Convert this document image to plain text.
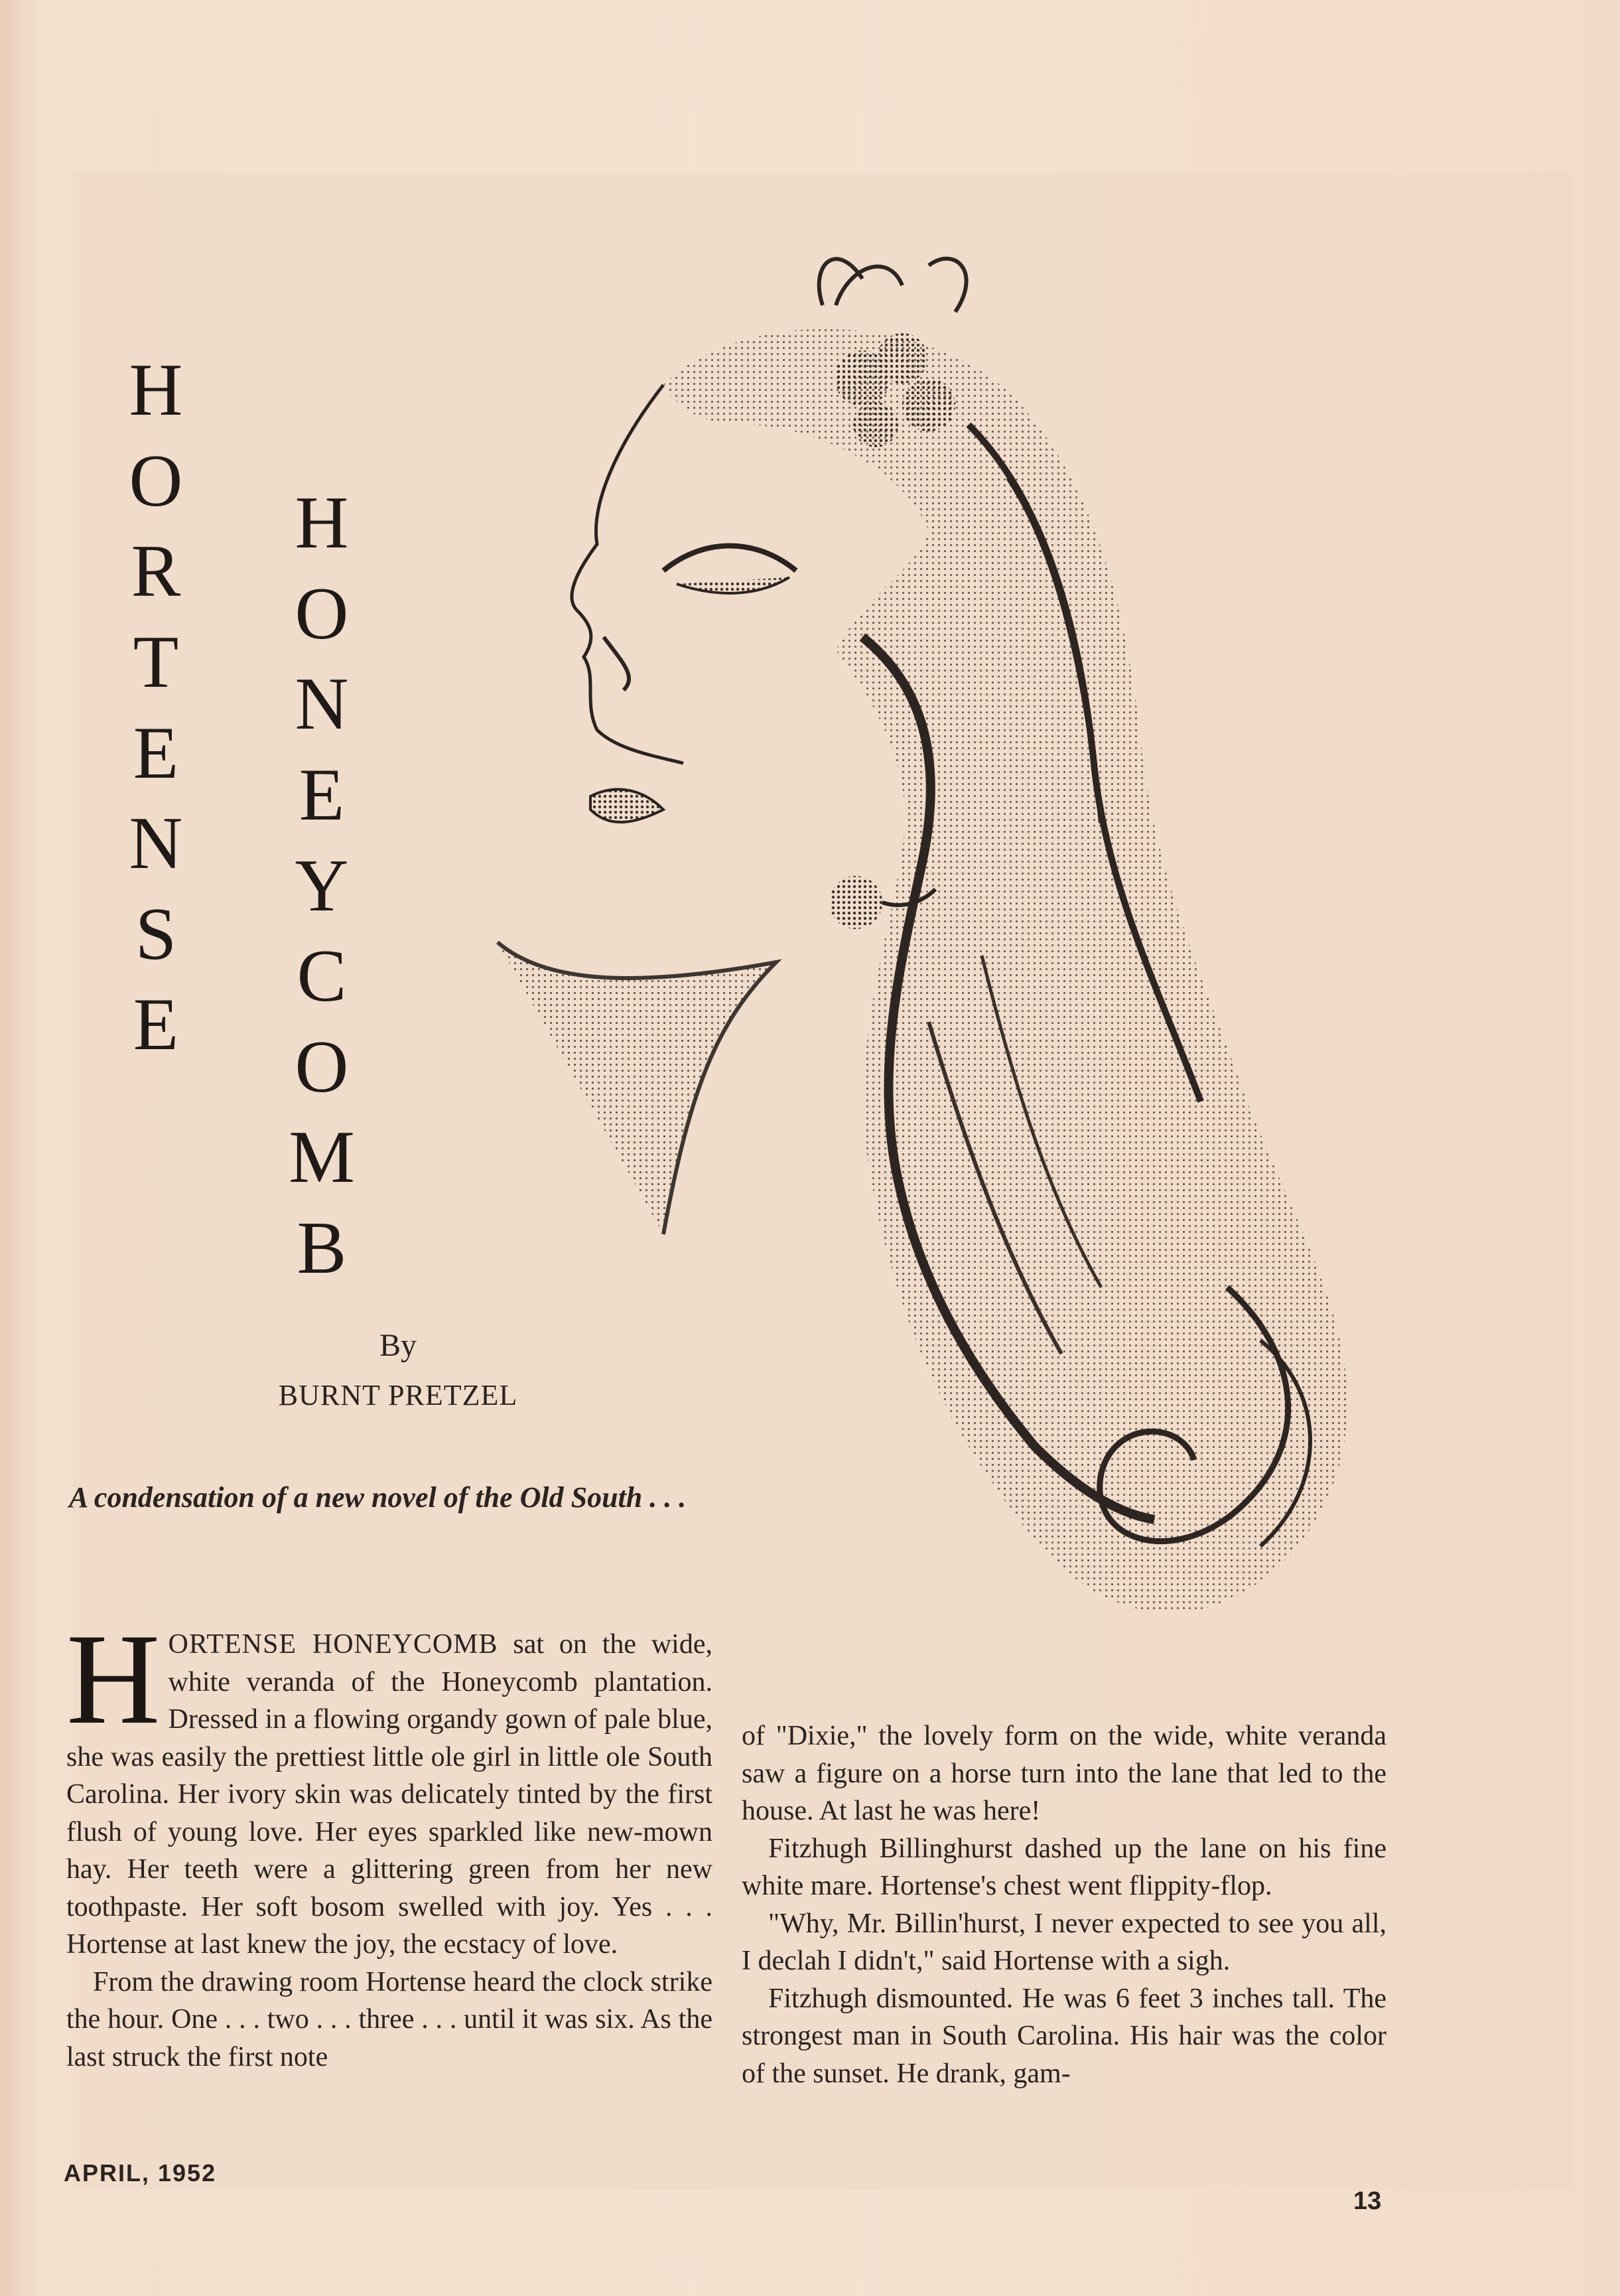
H
O
R
T
E
N
S
E
H
O
N
E
Y
C
O
M
B
By
BURNT PRETZEL
A condensation of a new novel of the Old South . . .

HORTENSE HONEYCOMB sat on the wide, white veranda of the Honeycomb plantation. Dressed in a flowing organdy gown of pale blue, she was easily the prettiest little ole girl in little ole South Carolina. Her ivory skin was delicately tinted by the first flush of young love. Her eyes sparkled like new-mown hay. Her teeth were a glittering green from her new toothpaste. Her soft bosom swelled with joy. Yes . . . Hortense at last knew the joy, the ecstacy of love.

From the drawing room Hortense heard the clock strike the hour. One . . . two . . . three . . . until it was six. As the last struck the first note

of "Dixie," the lovely form on the wide, white veranda saw a figure on a horse turn into the lane that led to the house. At last he was here!

Fitzhugh Billinghurst dashed up the lane on his fine white mare. Hortense's chest went flippity-flop.

"Why, Mr. Billin'hurst, I never expected to see you all, I declah I didn't," said Hortense with a sigh.

Fitzhugh dismounted. He was 6 feet 3 inches tall. The strongest man in South Carolina. His hair was the color of the sunset. He drank, gam-

APRIL, 1952
13
